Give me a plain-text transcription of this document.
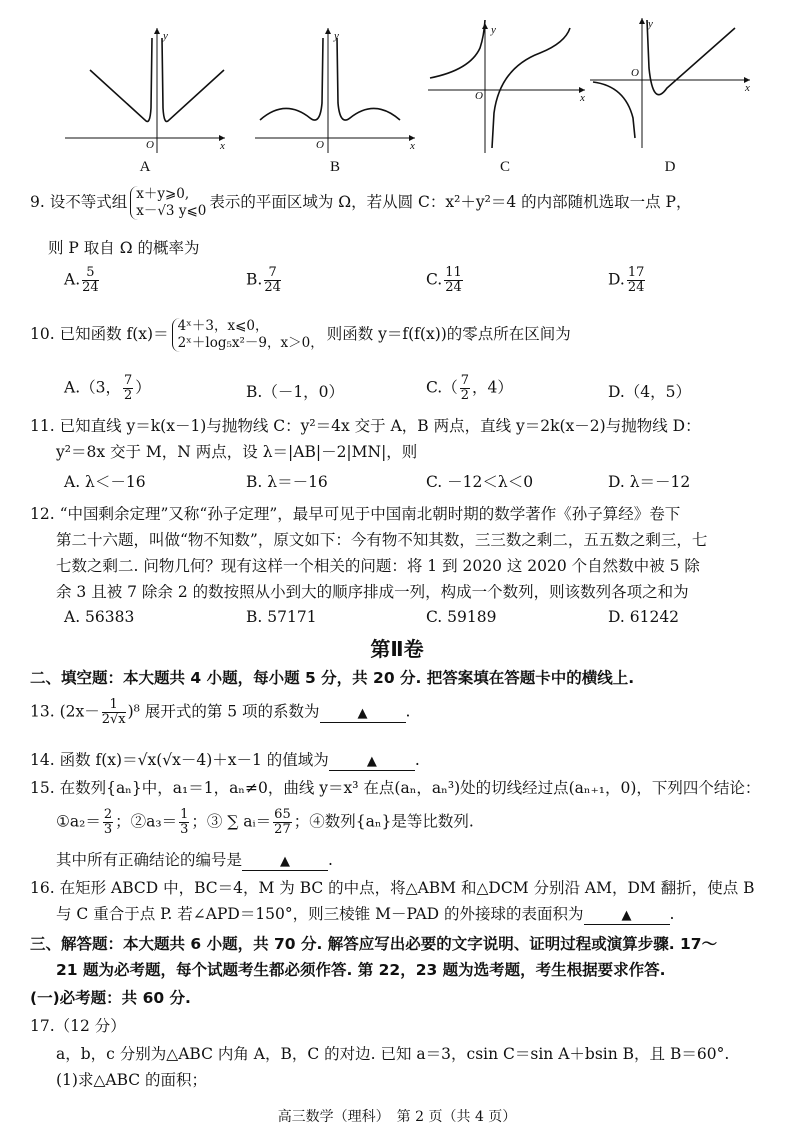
y
x
O
A
y
x
O
B
y
x
O
C
y
x
O
D
9. 设不等式组 x＋y⩾0,
x－√3 y⩽0 表示的平面区域为 Ω，若从圆 C：x²＋y²＝4 的内部随机选取一点 P，
则 P 取自 Ω 的概率为
A. $\frac{5}{24}$	B. $\frac{7}{24}$	C. $\frac{11}{24}$	D. $\frac{17}{24}$
10. 已知函数 f(x)＝ 4ˣ＋3，x⩽0，
2ˣ＋log₅x²－9，x＞0， 则函数 y＝f(f(x))的零点所在区间为
A.（3， $\frac{7}{2}$ ）	B.（－1，0）	$C.( \frac{7}{2}$ ，4）	D.（4，5）
11. 已知直线 y＝k(x－1)与抛物线 C：y²＝4x 交于 A，B 两点，直线 y＝2k(x－2)与抛物线 D：
y²＝8x 交于 M，N 两点，设 λ＝|AB|－2|MN|，则
A. λ＜－16	B. λ＝－16	C. －12＜λ＜0	D. λ＝－12
12. “中国剩余定理”又称“孙子定理”，最早可见于中国南北朝时期的数学著作《孙子算经》卷下
第二十六题，叫做“物不知数”，原文如下：今有物不知其数，三三数之剩二，五五数之剩三，七
七数之剩二. 问物几何？现有这样一个相关的问题：将 1 到 2020 这 2020 个自然数中被 5 除
余 3 且被 7 除余 2 的数按照从小到大的顺序排成一列，构成一个数列，则该数列各项之和为
A. 56383	B. 57171	C. 59189	D. 61242
第Ⅱ卷
二、填空题：本大题共 4 小题，每小题 5 分，共 20 分. 把答案填在答题卡中的横线上.
13. $(2x- \frac{1}{2√x} )^8$ 展开式的第 5 项的系数为	▲ .
14. 函数 f(x)＝√x(√x－4)＋x－1 的值域为	▲ .
15. 在数列{aₙ}中，a₁＝1，aₙ≠0，曲线 y＝x³ 在点(aₙ，aₙ³)处的切线经过点(aₙ₊₁，0)，下列四个结论：
①a₂＝ $\frac{2}{3}$ ；②a₃＝ $\frac{1}{3}$ ；③ ∑ aᵢ＝ $\frac{65}{27}$ ；④数列{aₙ}是等比数列.
其中所有正确结论的编号是	▲ .
16. 在矩形 ABCD 中，BC＝4，M 为 BC 的中点，将△ABM 和△DCM 分别沿 AM，DM 翻折，使点 B
与 C 重合于点 P. 若∠APD＝150°，则三棱锥 M－PAD 的外接球的表面积为	▲ .
三、解答题：本大题共 6 小题，共 70 分. 解答应写出必要的文字说明、证明过程或演算步骤. 17～
21 题为必考题，每个试题考生都必须作答. 第 22，23 题为选考题，考生根据要求作答.
(一)必考题：共 60 分.
17.（12 分）
a，b，c 分别为△ABC 内角 A，B，C 的对边. 已知 a＝3，csin C＝sin A＋bsin B，且 B＝60°.
(1)求△ABC 的面积；
高三数学（理科）　第 2 页（共 4 页）
